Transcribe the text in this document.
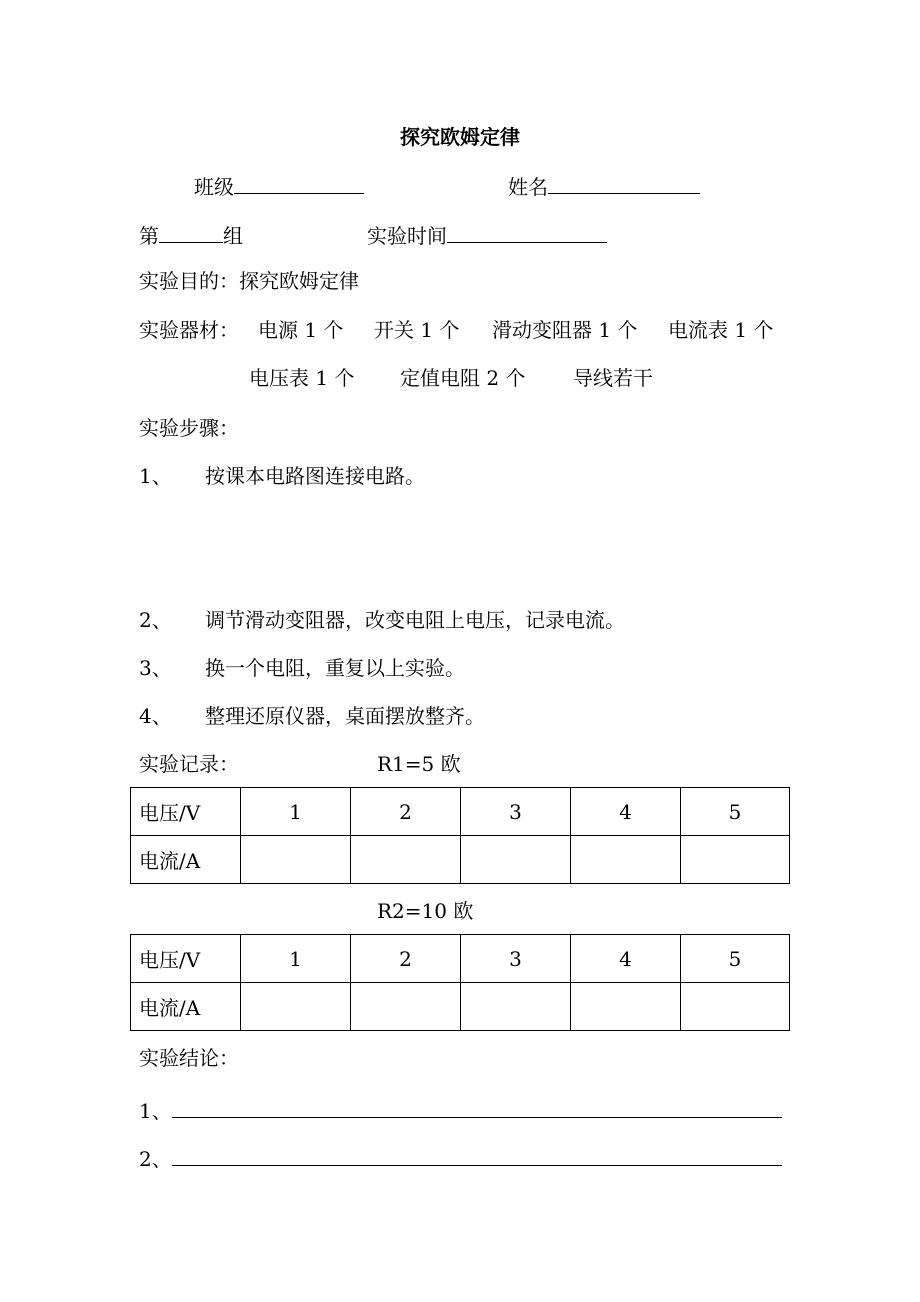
探究欧姆定律
班级	姓名
第	组	实验时间
实验目的：探究欧姆定律
实验器材： 电源 1 个 开关 1 个 滑动变阻器 1 个 电流表 1 个
电压表 1 个 定值电阻 2 个 导线若干
实验步骤：
1、 按课本电路图连接电路。
2、 调节滑动变阻器，改变电阻上电压，记录电流。
3、 换一个电阻，重复以上实验。
4、 整理还原仪器，桌面摆放整齐。
实验记录：	R1=5 欧
电压/V	1	2	3	4	5
电流/A					
R2=10 欧
电压/V	1	2	3	4	5
电流/A					
实验结论：
1、
2、
